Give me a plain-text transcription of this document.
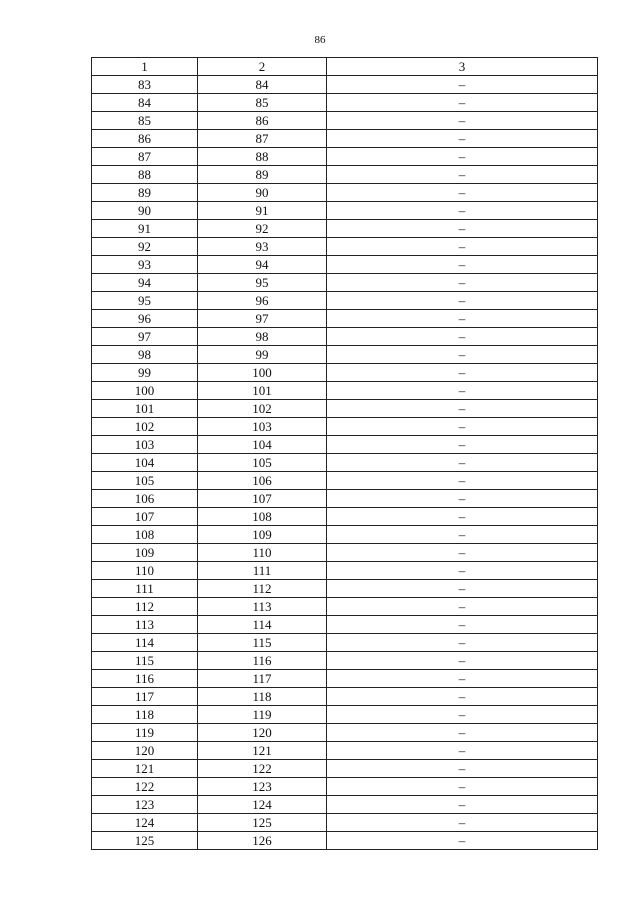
86
1	2	3
83	84	–
84	85	–
85	86	–
86	87	–
87	88	–
88	89	–
89	90	–
90	91	–
91	92	–
92	93	–
93	94	–
94	95	–
95	96	–
96	97	–
97	98	–
98	99	–
99	100	–
100	101	–
101	102	–
102	103	–
103	104	–
104	105	–
105	106	–
106	107	–
107	108	–
108	109	–
109	110	–
110	111	–
111	112	–
112	113	–
113	114	–
114	115	–
115	116	–
116	117	–
117	118	–
118	119	–
119	120	–
120	121	–
121	122	–
122	123	–
123	124	–
124	125	–
125	126	–
